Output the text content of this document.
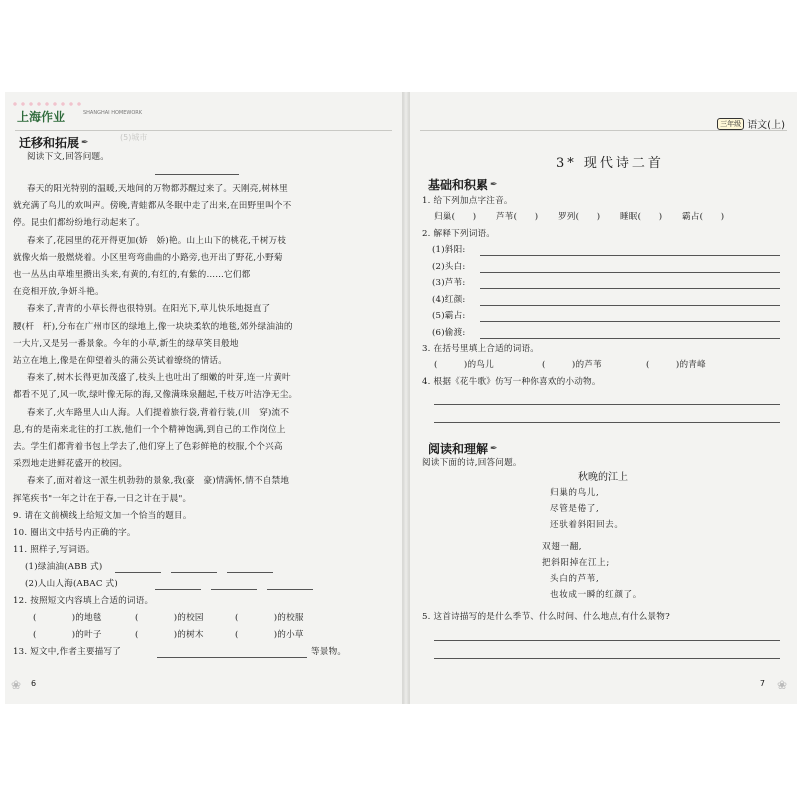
上海作业	SHANGHAI HOMEWORK
迁移和拓展 ✒	(5)城市
阅读下文,回答问题。
春天的阳光特别的温暖,天地间的万物都苏醒过来了。天刚亮,树林里
就充满了鸟儿的欢叫声。傍晚,青蛙都从冬眠中走了出来,在田野里叫个不
停。昆虫们都纷纷地行动起来了。
春来了,花园里的花开得更加(娇　娇)艳。山上山下的桃花,千树万枝
就像火焰一般燃烧着。小区里弯弯曲曲的小路旁,也开出了野花,小野菊
也一丛丛由草堆里攒出头来,有黄的,有红的,有紫的……它们都
在竞相开放,争妍斗艳。
春来了,青青的小草长得也很特别。在阳光下,草儿快乐地挺直了
腰(杆　杆),分布在广州市区的绿地上,像一块块柔软的地毯,郊外绿油油的
一大片,又是另一番景象。今年的小草,新生的绿草笑目般地
站立在地上,像是在仰望着头的蒲公英试着缭绕的情话。
春来了,树木长得更加茂盛了,枝头上也吐出了细嫩的叶芽,连一片黄叶
都看不见了,风一吹,绿叶像无际的海,又像满珠泉翻起,千枝万叶洁净无尘。
春来了,火车路里人山人海。人们提着旅行袋,背着行装,(川　穿)流不
息,有的是南来北往的打工族,他们一个个精神饱满,到自己的工作岗位上
去。学生们都背着书包上学去了,他们穿上了色彩鲜艳的校服,个个兴高
采烈地走进鲜花盛开的校园。
春来了,面对着这一派生机勃勃的景象,我(豪　豪)情满怀,情不自禁地
挥笔疾书"一年之计在于春,一日之计在于晨"。
9. 请在文前横线上给短文加一个恰当的题目。
10. 圈出文中括号内正确的字。
11. 照样子,写词语。
(1)绿油油(ABB 式)
(2)人山人海(ABAC 式)
12. 按照短文内容填上合适的词语。
(　　　　)的地毯	(　　　　)的校园	(　　　　)的校服
(　　　　)的叶子	(　　　　)的树木	(　　　　)的小草
13. 短文中,作者主要描写了	等景物。
❀ 6
三年级 语文(上)
3* 现代诗二首
基础和积累 ✒
1. 给下列加点字注音。
归巢(　　) 芦苇(　　) 罗列(　　) 睡眠(　　) 霸占(　　)
2. 解释下列词语。
(1)斜阳:
(2)头白:
(3)芦苇:
(4)红颜:
(5)霸占:
(6)偷渡:
3. 在括号里填上合适的词语。
(　　　)的鸟儿	(　　　)的芦苇	(　　　)的青峰
4. 根据《花牛歌》仿写一种你喜欢的小动物。
阅读和理解 ✒
阅读下面的诗,回答问题。
秋晚的江上
归巢的鸟儿,
尽管是倦了,
还驮着斜阳回去。
双翅一翻,
把斜阳掉在江上;
头白的芦苇,
也妆成一瞬的红颜了。
5. 这首诗描写的是什么季节、什么时间、什么地点,有什么景物?
7 ❀
